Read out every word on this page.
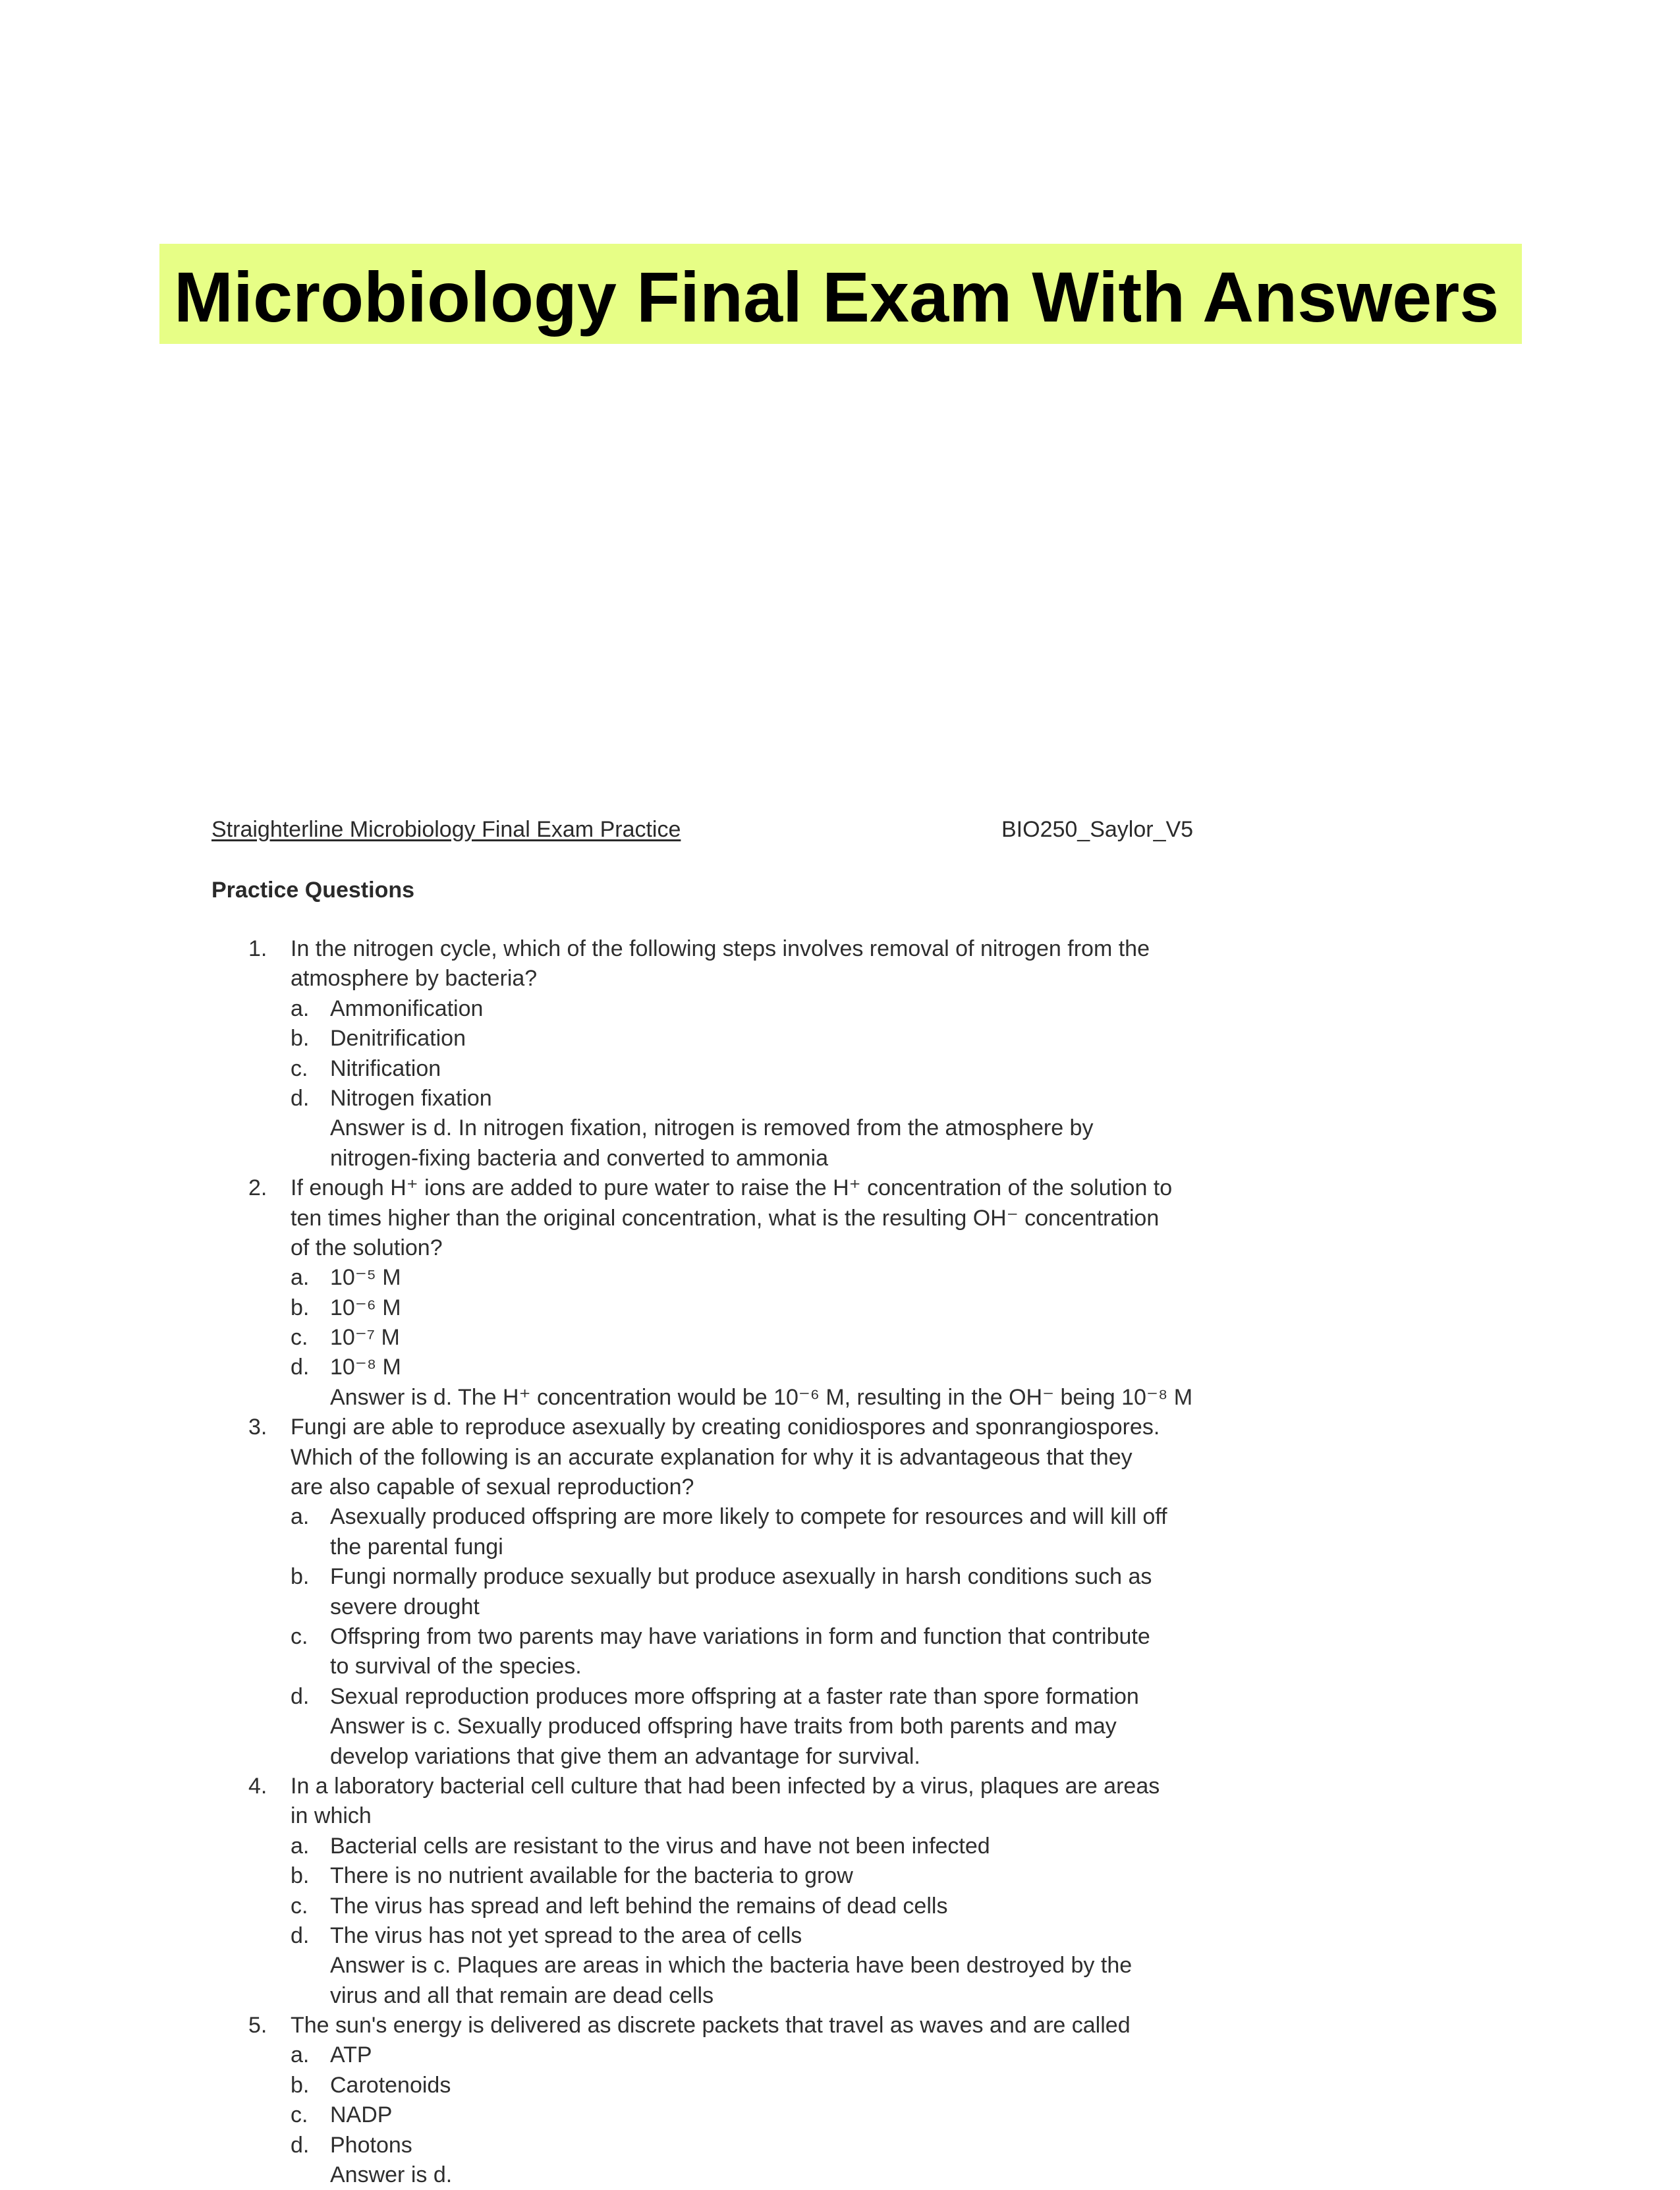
Microbiology Final Exam With Answers
Straighterline Microbiology Final Exam Practice	BIO250_Saylor_V5
Practice Questions
1.	In the nitrogen cycle, which of the following steps involves removal of nitrogen from the
atmosphere by bacteria?
a. Ammonification
b. Denitrification
c. Nitrification
d. Nitrogen fixation
Answer is d. In nitrogen fixation, nitrogen is removed from the atmosphere by
nitrogen-fixing bacteria and converted to ammonia
2.	If enough H⁺ ions are added to pure water to raise the H⁺ concentration of the solution to
ten times higher than the original concentration, what is the resulting OH⁻ concentration
of the solution?
a. 10⁻⁵ M
b. 10⁻⁶ M
c. 10⁻⁷ M
d. 10⁻⁸ M
Answer is d. The H⁺ concentration would be 10⁻⁶ M, resulting in the OH⁻ being 10⁻⁸ M
3.	Fungi are able to reproduce asexually by creating conidiospores and sponrangiospores.
Which of the following is an accurate explanation for why it is advantageous that they
are also capable of sexual reproduction?
a. Asexually produced offspring are more likely to compete for resources and will kill off
the parental fungi
b. Fungi normally produce sexually but produce asexually in harsh conditions such as
severe drought
c. Offspring from two parents may have variations in form and function that contribute
to survival of the species.
d. Sexual reproduction produces more offspring at a faster rate than spore formation
Answer is c. Sexually produced offspring have traits from both parents and may
develop variations that give them an advantage for survival.
4.	In a laboratory bacterial cell culture that had been infected by a virus, plaques are areas
in which
a. Bacterial cells are resistant to the virus and have not been infected
b. There is no nutrient available for the bacteria to grow
c. The virus has spread and left behind the remains of dead cells
d. The virus has not yet spread to the area of cells
Answer is c. Plaques are areas in which the bacteria have been destroyed by the
virus and all that remain are dead cells
5.	The sun's energy is delivered as discrete packets that travel as waves and are called
a. ATP
b. Carotenoids
c. NADP
d. Photons
Answer is d.
